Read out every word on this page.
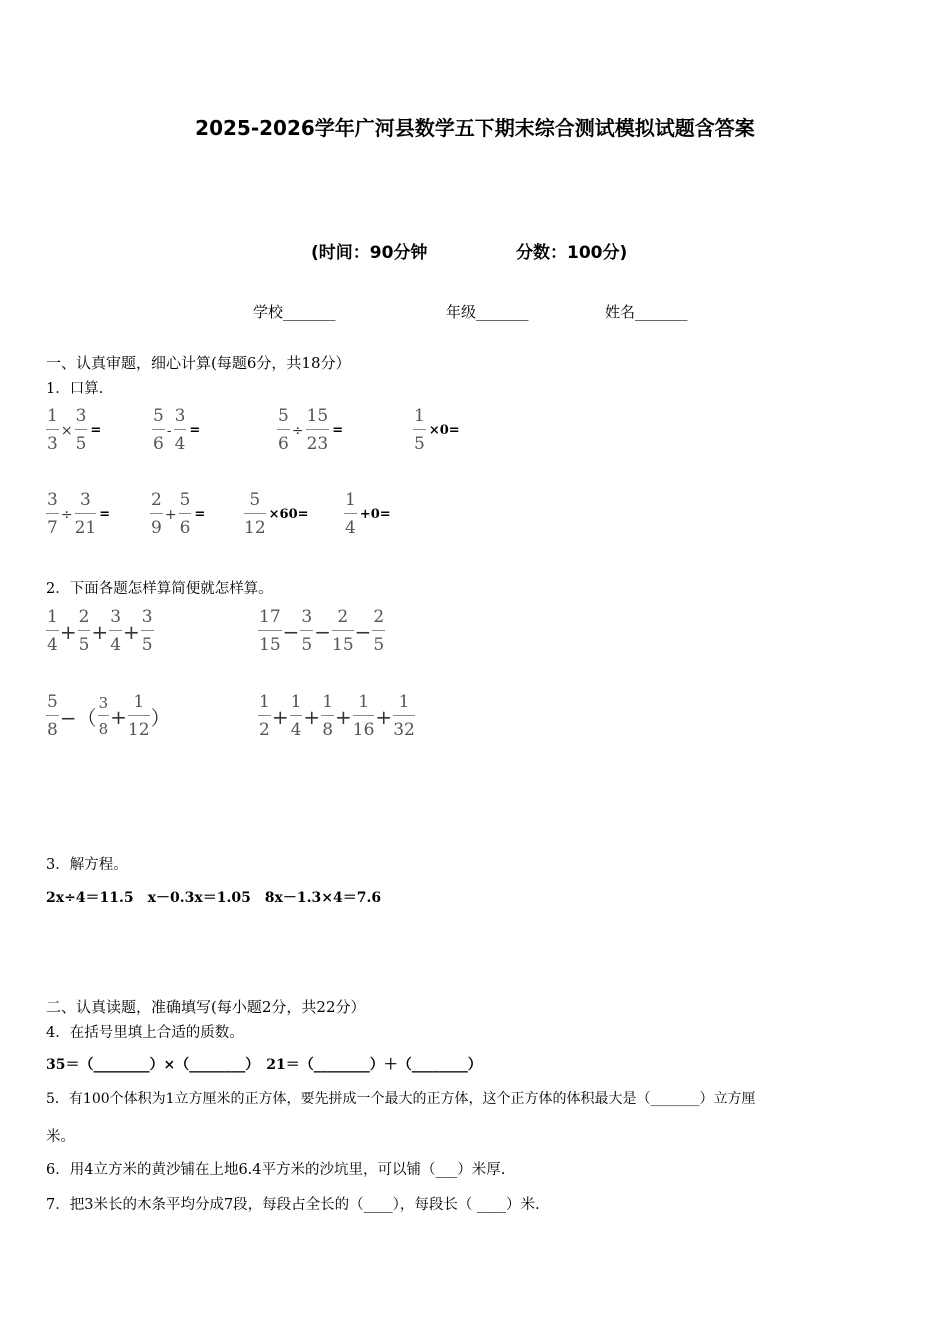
2025-2026学年广河县数学五下期末综合测试模拟试题含答案
(时间：90分钟	分数：100分)
学校_______	年级_______	姓名_______
一、认真审题，细心计算(每题6分，共18分）
1．口算.
$\frac{1}{3} \times \frac{3}{5}$ =	$\frac{5}{6} - \frac{3}{4}$ =	$\frac{5}{6} \div \frac{15}{23}$ =	$\frac{1}{5} \times 0=$
$\frac{3}{7} \div \frac{3}{21} = \frac{2}{9} + \frac{5}{6} = \frac{5}{12} \times 60= \frac{1}{4} +0=$
2．下面各题怎样算简便就怎样算。
$\frac{1}{4} + \frac{2}{5} + \frac{3}{4} + \frac{3}{5}$	$\frac{17}{15} - \frac{3}{5} - \frac{2}{15} - \frac{2}{5}$
$\frac{5}{8}$ −（ $\frac{3}{8} + \frac{1}{12}$ ）	$\frac{1}{2} + \frac{1}{4} + \frac{1}{8} + \frac{1}{16} + \frac{1}{32}$
3．解方程。
2x÷4＝11.5　x－0.3x＝1.05　8x－1.3×4＝7.6
二、认真读题，准确填写(每小题2分，共22分）
4．在括号里填上合适的质数。
35＝（________）×（________）　21＝（________）＋（________）
5．有100个体积为1立方厘米的正方体，要先拼成一个最大的正方体，这个正方体的体积最大是（_______）立方厘
米。
6．用4立方米的黄沙铺在上地6.4平方米的沙坑里，可以铺（___）米厚.
7．把3米长的木条平均分成7段，每段占全长的（____），每段长（ ____）米.
